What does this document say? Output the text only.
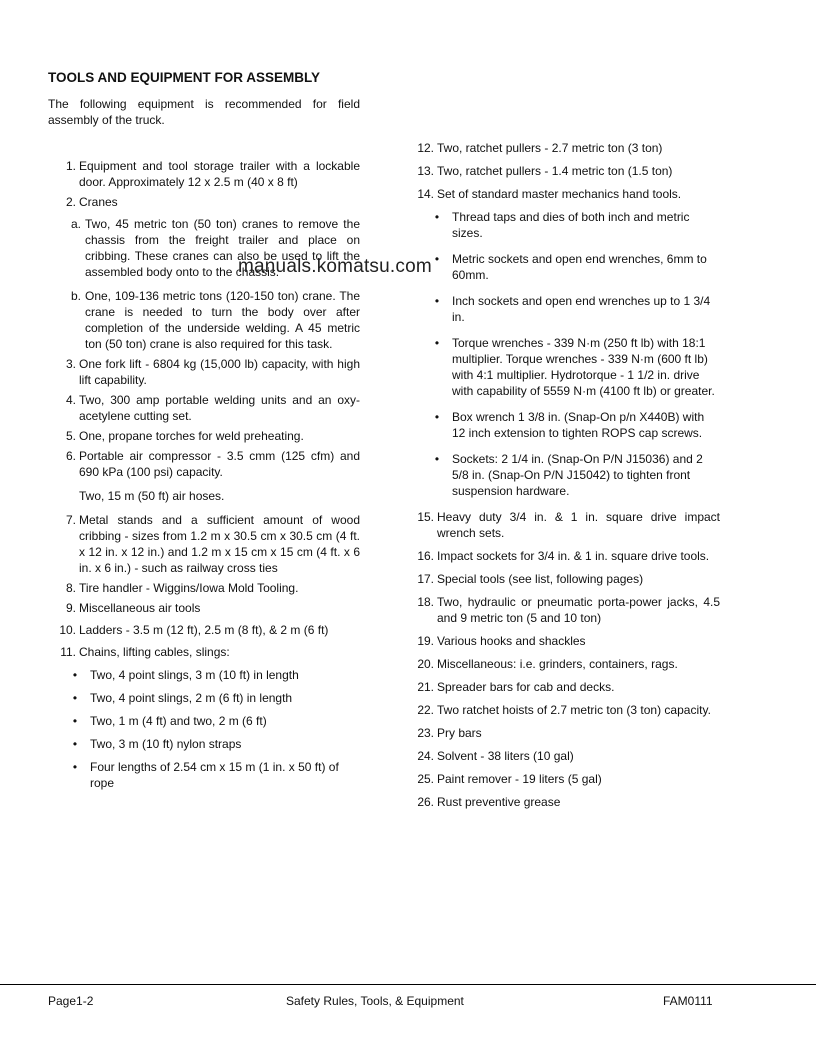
manuals.komatsu.com
TOOLS AND EQUIPMENT FOR ASSEMBLY

The following equipment is recommended for field assembly of the truck.

1. Equipment and tool storage trailer with a lockable door. Approximately 12 x 2.5 m (40 x 8 ft)
2. Cranes
a. Two, 45 metric ton (50 ton) cranes to remove the chassis from the freight trailer and place on cribbing. These cranes can also be used to lift the assembled body onto to the chassis.
b. One, 109-136 metric tons (120-150 ton) crane. The crane is needed to turn the body over after completion of the underside welding. A 45 metric ton (50 ton) crane is also required for this task.
3. One fork lift - 6804 kg (15,000 lb) capacity, with high lift capability.
4. Two, 300 amp portable welding units and an oxy-acetylene cutting set.
5. One, propane torches for weld preheating.
6. Portable air compressor - 3.5 cmm (125 cfm) and 690 kPa (100 psi) capacity.
Two, 15 m (50 ft) air hoses.
7. Metal stands and a sufficient amount of wood cribbing - sizes from 1.2 m x 30.5 cm x 30.5 cm (4 ft. x 12 in. x 12 in.) and 1.2 m x 15 cm x 15 cm (4 ft. x 6 in. x 6 in.) - such as railway cross ties
8. Tire handler - Wiggins/Iowa Mold Tooling.
9. Miscellaneous air tools
10. Ladders - 3.5 m (12 ft), 2.5 m (8 ft), & 2 m (6 ft)
11. Chains, lifting cables, slings:
•	Two, 4 point slings, 3 m (10 ft) in length
•	Two, 4 point slings, 2 m (6 ft) in length
•	Two, 1 m (4 ft) and two, 2 m (6 ft)
•	Two, 3 m (10 ft) nylon straps
•	Four lengths of 2.54 cm x 15 m (1 in. x 50 ft) of rope
12. Two, ratchet pullers - 2.7 metric ton (3 ton)
13. Two, ratchet pullers - 1.4 metric ton (1.5 ton)
14. Set of standard master mechanics hand tools.
•	Thread taps and dies of both inch and metric sizes.
•	Metric sockets and open end wrenches, 6mm to 60mm.
•	Inch sockets and open end wrenches up to 1 3/4 in.
•	Torque wrenches - 339 N·m (250 ft lb) with 18:1 multiplier. Torque wrenches - 339 N·m (600 ft lb) with 4:1 multiplier. Hydrotorque - 1 1/2 in. drive with capability of 5559 N·m (4100 ft lb) or greater.
•	Box wrench 1 3/8 in. (Snap-On p/n X440B) with 12 inch extension to tighten ROPS cap screws.
•	Sockets: 2 1/4 in. (Snap-On P/N J15036) and 2 5/8 in. (Snap-On P/N J15042) to tighten front suspension hardware.
15. Heavy duty 3/4 in. & 1 in. square drive impact wrench sets.
16. Impact sockets for 3/4 in. & 1 in. square drive tools.
17. Special tools (see list, following pages)
18. Two, hydraulic or pneumatic porta-power jacks, 4.5 and 9 metric ton (5 and 10 ton)
19. Various hooks and shackles
20. Miscellaneous: i.e. grinders, containers, rags.
21. Spreader bars for cab and decks.
22. Two ratchet hoists of 2.7 metric ton (3 ton) capacity.
23. Pry bars
24. Solvent - 38 liters (10 gal)
25. Paint remover - 19 liters (5 gal)
26. Rust preventive grease
Page1-2	Safety Rules, Tools, & Equipment	FAM0111
